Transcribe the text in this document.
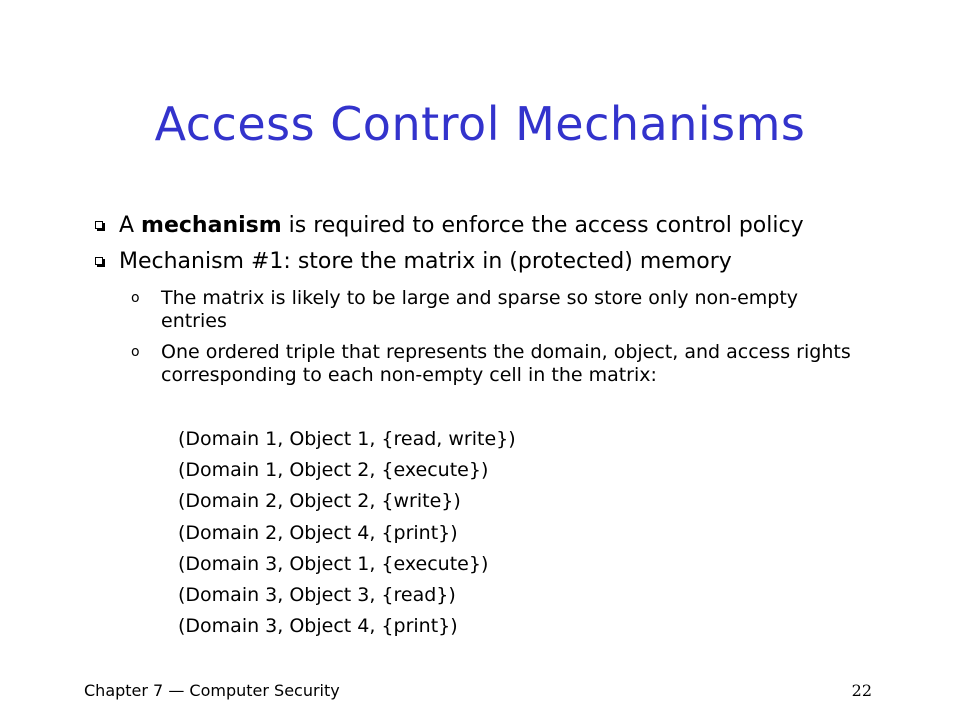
Access Control Mechanisms
A mechanism is required to enforce the access control policy
Mechanism #1: store the matrix in (protected) memory
o The matrix is likely to be large and sparse so store only non-empty entries
o One ordered triple that represents the domain, object, and access rights corresponding to each non-empty cell in the matrix:
(Domain 1, Object 1, {read, write})
(Domain 1, Object 2, {execute})
(Domain 2, Object 2, {write})
(Domain 2, Object 4, {print})
(Domain 3, Object 1, {execute})
(Domain 3, Object 3, {read})
(Domain 3, Object 4, {print})
Chapter 7 — Computer Security	22
